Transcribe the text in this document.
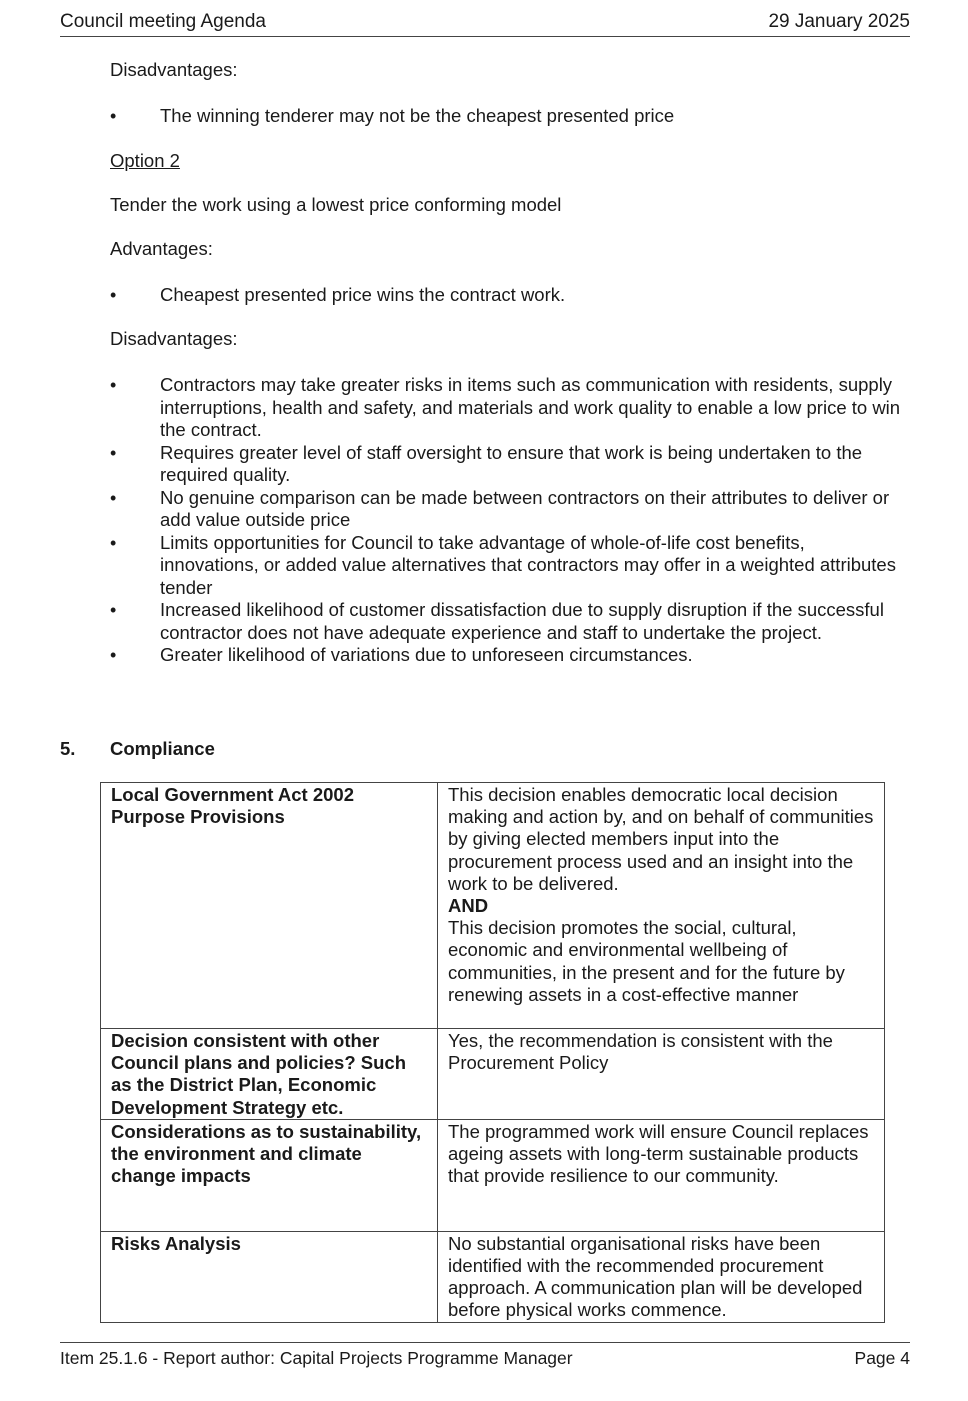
Council meeting Agenda	29 January 2025

Disadvantages:

• The winning tenderer may not be the cheapest presented price

Option 2

Tender the work using a lowest price conforming model

Advantages:

• Cheapest presented price wins the contract work.

Disadvantages:

• Contractors may take greater risks in items such as communication with residents, supply interruptions, health and safety, and materials and work quality to enable a low price to win the contract.
• Requires greater level of staff oversight to ensure that work is being undertaken to the required quality.
• No genuine comparison can be made between contractors on their attributes to deliver or add value outside price
• Limits opportunities for Council to take advantage of whole-of-life cost benefits, innovations, or added value alternatives that contractors may offer in a weighted attributes tender
• Increased likelihood of customer dissatisfaction due to supply disruption if the successful contractor does not have adequate experience and staff to undertake the project.
• Greater likelihood of variations due to unforeseen circumstances.
5.	Compliance
Local Government Act 2002 Purpose Provisions	This decision enables democratic local decision making and action by, and on behalf of communities by giving elected members input into the procurement process used and an insight into the work to be delivered.
AND
This decision promotes the social, cultural, economic and environmental wellbeing of communities, in the present and for the future by renewing assets in a cost-effective manner

Decision consistent with other Council plans and policies? Such as the District Plan, Economic Development Strategy etc.	Yes, the recommendation is consistent with the Procurement Policy

Considerations as to sustainability, the environment and climate change impacts	The programmed work will ensure Council replaces ageing assets with long-term sustainable products that provide resilience to our community.

Risks Analysis	No substantial organisational risks have been identified with the recommended procurement approach. A communication plan will be developed before physical works commence.
Item 25.1.6 - Report author: Capital Projects Programme Manager	Page 4
